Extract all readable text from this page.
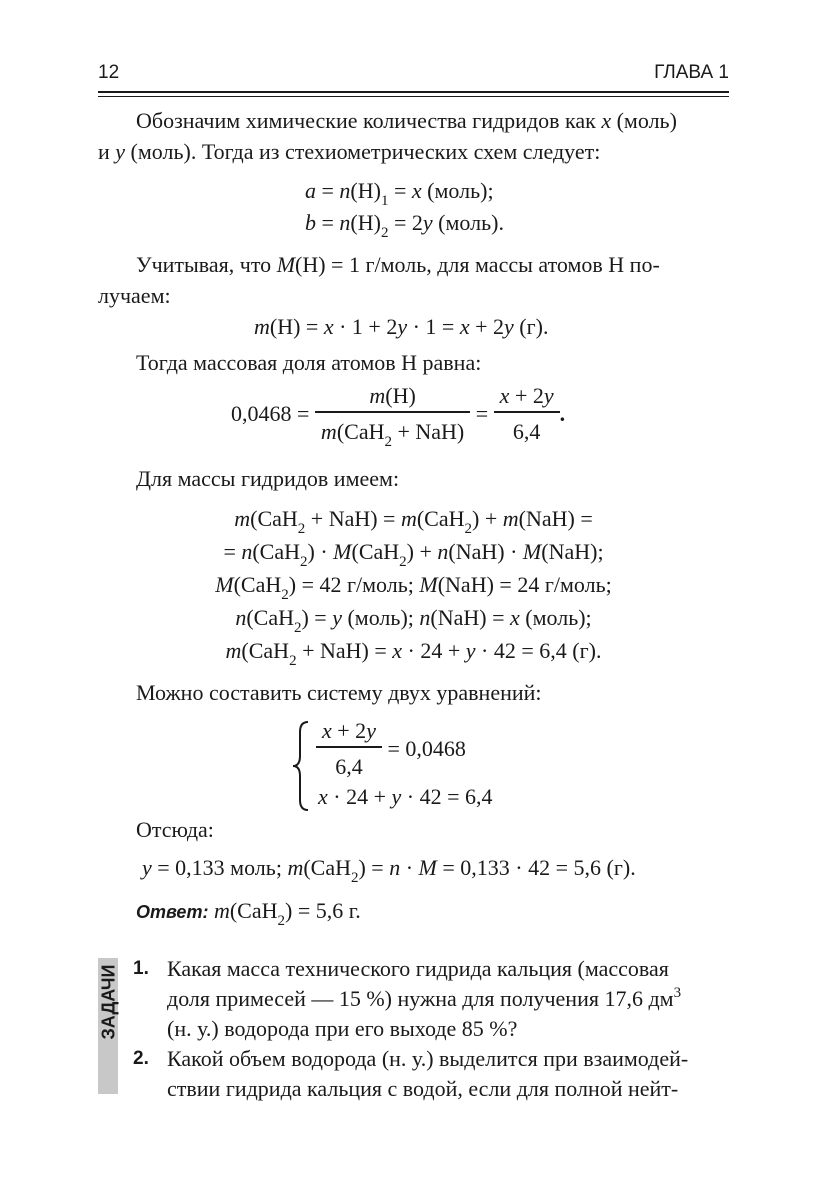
12	ГЛАВА 1
Обозначим химические количества гидридов как x (моль)
и y (моль). Тогда из стехиометрических схем следует:
$a = n(H)_1 = x$ (моль);
$b = n(H)_2 = 2y$ (моль).
Учитывая, что M(H) = 1 г/моль, для массы атомов H по-
лучаем:
m(H) = x · 1 + 2y · 1 = x + 2y (г).
Тогда массовая доля атомов H равна:
$0,0468 = \frac{m(H)}{m(CaH_2 + NaH)} = \frac{x + 2y}{6,4}$ .
Для массы гидридов имеем:
m(CaH$_2$ + NaH) = m(CaH$_2$) + m(NaH) =
= n(CaH$_2$) · M(CaH$_2$) + n(NaH) · M(NaH);
M(CaH$_2$) = 42 г/моль; M(NaH) = 24 г/моль;
n(CaH$_2$) = y (моль); n(NaH) = x (моль);
m(CaH$_2$ + NaH) = x · 24 + y · 42 = 6,4 (г).
Можно составить систему двух уравнений:
$\frac{x + 2y}{6,4} = 0,0468$
x · 24 + y · 42 = 6,4
Отсюда:
y = 0,133 моль; m(CaH$_2$) = n · M = 0,133 · 42 = 5,6 (г).
Ответ: m(CaH$_2$) = 5,6 г.
ЗАДАЧИ 1. Какая масса технического гидрида кальция (массовая
доля примесей — 15 %) нужна для получения 17,6 $дм^3$
(н. у.) водорода при его выходе 85 %?
2. Какой объем водорода (н. у.) выделится при взаимодей-
ствии гидрида кальция с водой, если для полной нейт-
